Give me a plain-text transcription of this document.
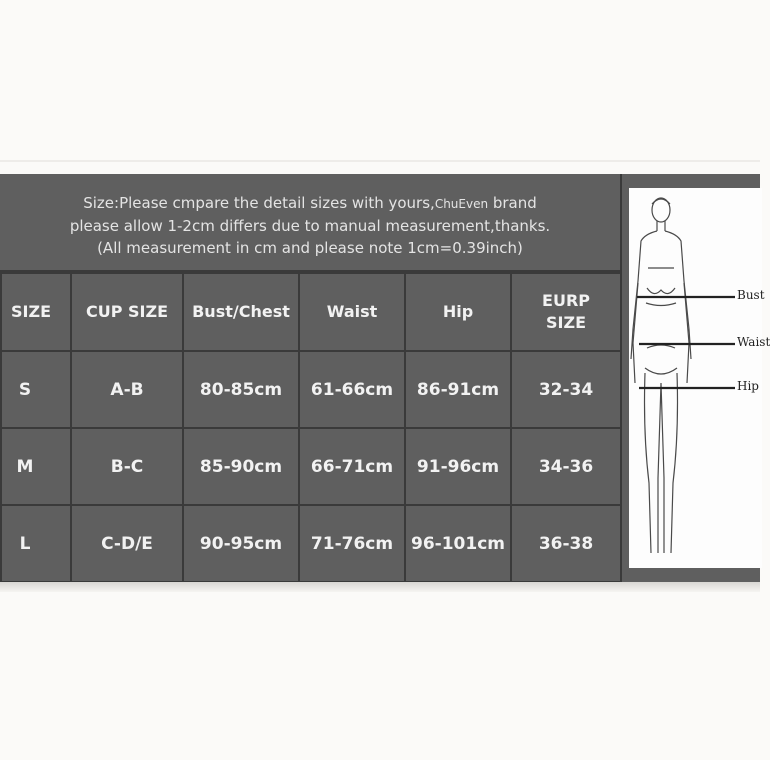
Size:Please cmpare the detail sizes with yours,ChuEven brand
please allow 1-2cm differs due to manual measurement,thanks.
(All measurement in cm and please note 1cm=0.39inch)
SIZE	CUP SIZE	Bust/Chest	Waist	Hip	EURP
SIZE

S	A-B	80-85cm	61-66cm	86-91cm	32-34
M	B-C	85-90cm	66-71cm	91-96cm	34-36
L	C-D/E	90-95cm	71-76cm	96-101cm	36-38
Bust
Waist
Hip
